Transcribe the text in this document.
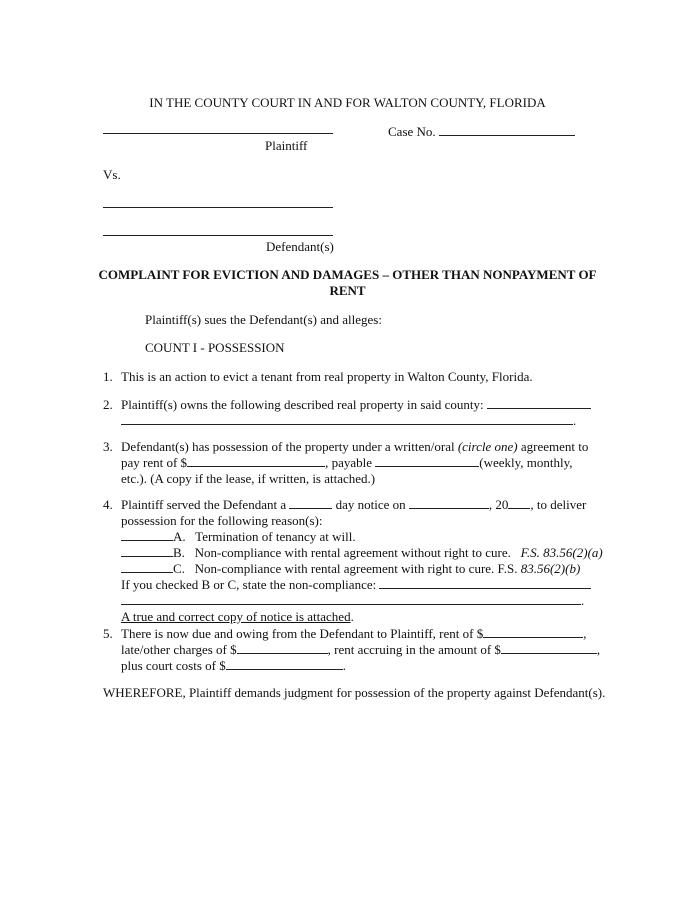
IN THE COUNTY COURT IN AND FOR WALTON COUNTY, FLORIDA
Plaintiff
Case No.
Vs.
Defendant(s)
COMPLAINT FOR EVICTION AND DAMAGES – OTHER THAN NONPAYMENT OF
RENT
Plaintiff(s) sues the Defendant(s) and alleges:
COUNT I - POSSESSION
1. This is an action to evict a tenant from real property in Walton County, Florida.
2. Plaintiff(s) owns the following described real property in said county:
.
3. Defendant(s) has possession of the property under a written/oral (circle one) agreement to
pay rent of $	, payable	(weekly, monthly,
etc.). (A copy if the lease, if written, is attached.)
4. Plaintiff served the Defendant a	day notice on	, 20 , to deliver
possession for the following reason(s):
A. Termination of tenancy at will.
B. Non-compliance with rental agreement without right to cure. F.S. 83.56(2)(a)
C. Non-compliance with rental agreement with right to cure. F.S. 83.56(2)(b)
If you checked B or C, state the non-compliance:
.
A true and correct copy of notice is attached.
5. There is now due and owing from the Defendant to Plaintiff, rent of $	,
late/other charges of $	, rent accruing in the amount of $	,
plus court costs of $	.
WHEREFORE, Plaintiff demands judgment for possession of the property against Defendant(s).
